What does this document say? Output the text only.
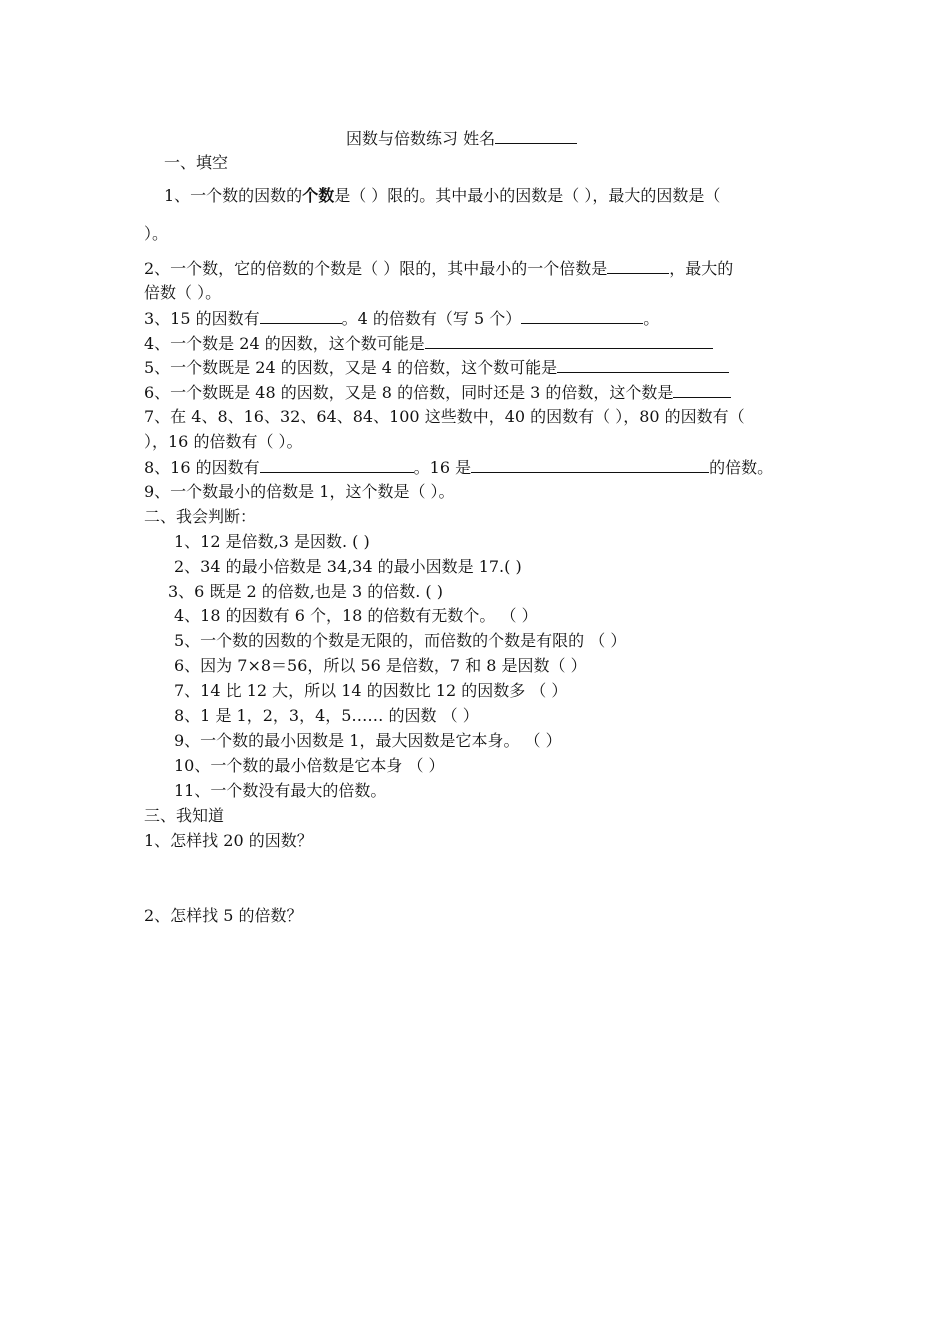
因数与倍数练习 姓名
一、填空
1、一个数的因数的个数是（ ）限的。其中最小的因数是（ ），最大的因数是（
）。
2、一个数，它的倍数的个数是（ ）限的，其中最小的一个倍数是	，最大的
倍数（ ）。
3、15 的因数有	。4 的倍数有（写 5 个）	。
4、一个数是 24 的因数，这个数可能是
5、一个数既是 24 的因数，又是 4 的倍数，这个数可能是
6、一个数既是 48 的因数，又是 8 的倍数，同时还是 3 的倍数，这个数是
7、在 4、8、16、32、64、84、100 这些数中，40 的因数有（ ），80 的因数有（
），16 的倍数有（ ）。
8、16 的因数有	。16 是	的倍数。
9、一个数最小的倍数是 1，这个数是（ ）。
二、我会判断：
1、12 是倍数,3 是因数. ( )
2、34 的最小倍数是 34,34 的最小因数是 17.( )
3、6 既是 2 的倍数,也是 3 的倍数. ( )
4、18 的因数有 6 个，18 的倍数有无数个。 （ ）
5、一个数的因数的个数是无限的，而倍数的个数是有限的 （ ）
6、因为 7×8＝56，所以 56 是倍数，7 和 8 是因数（ ）
7、14 比 12 大，所以 14 的因数比 12 的因数多 （ ）
8、1 是 1，2，3，4，5…… 的因数 （ ）
9、一个数的最小因数是 1，最大因数是它本身。 （ ）
10、一个数的最小倍数是它本身 （ ）
11、一个数没有最大的倍数。
三、我知道
1、怎样找 20 的因数？
2、怎样找 5 的倍数？
